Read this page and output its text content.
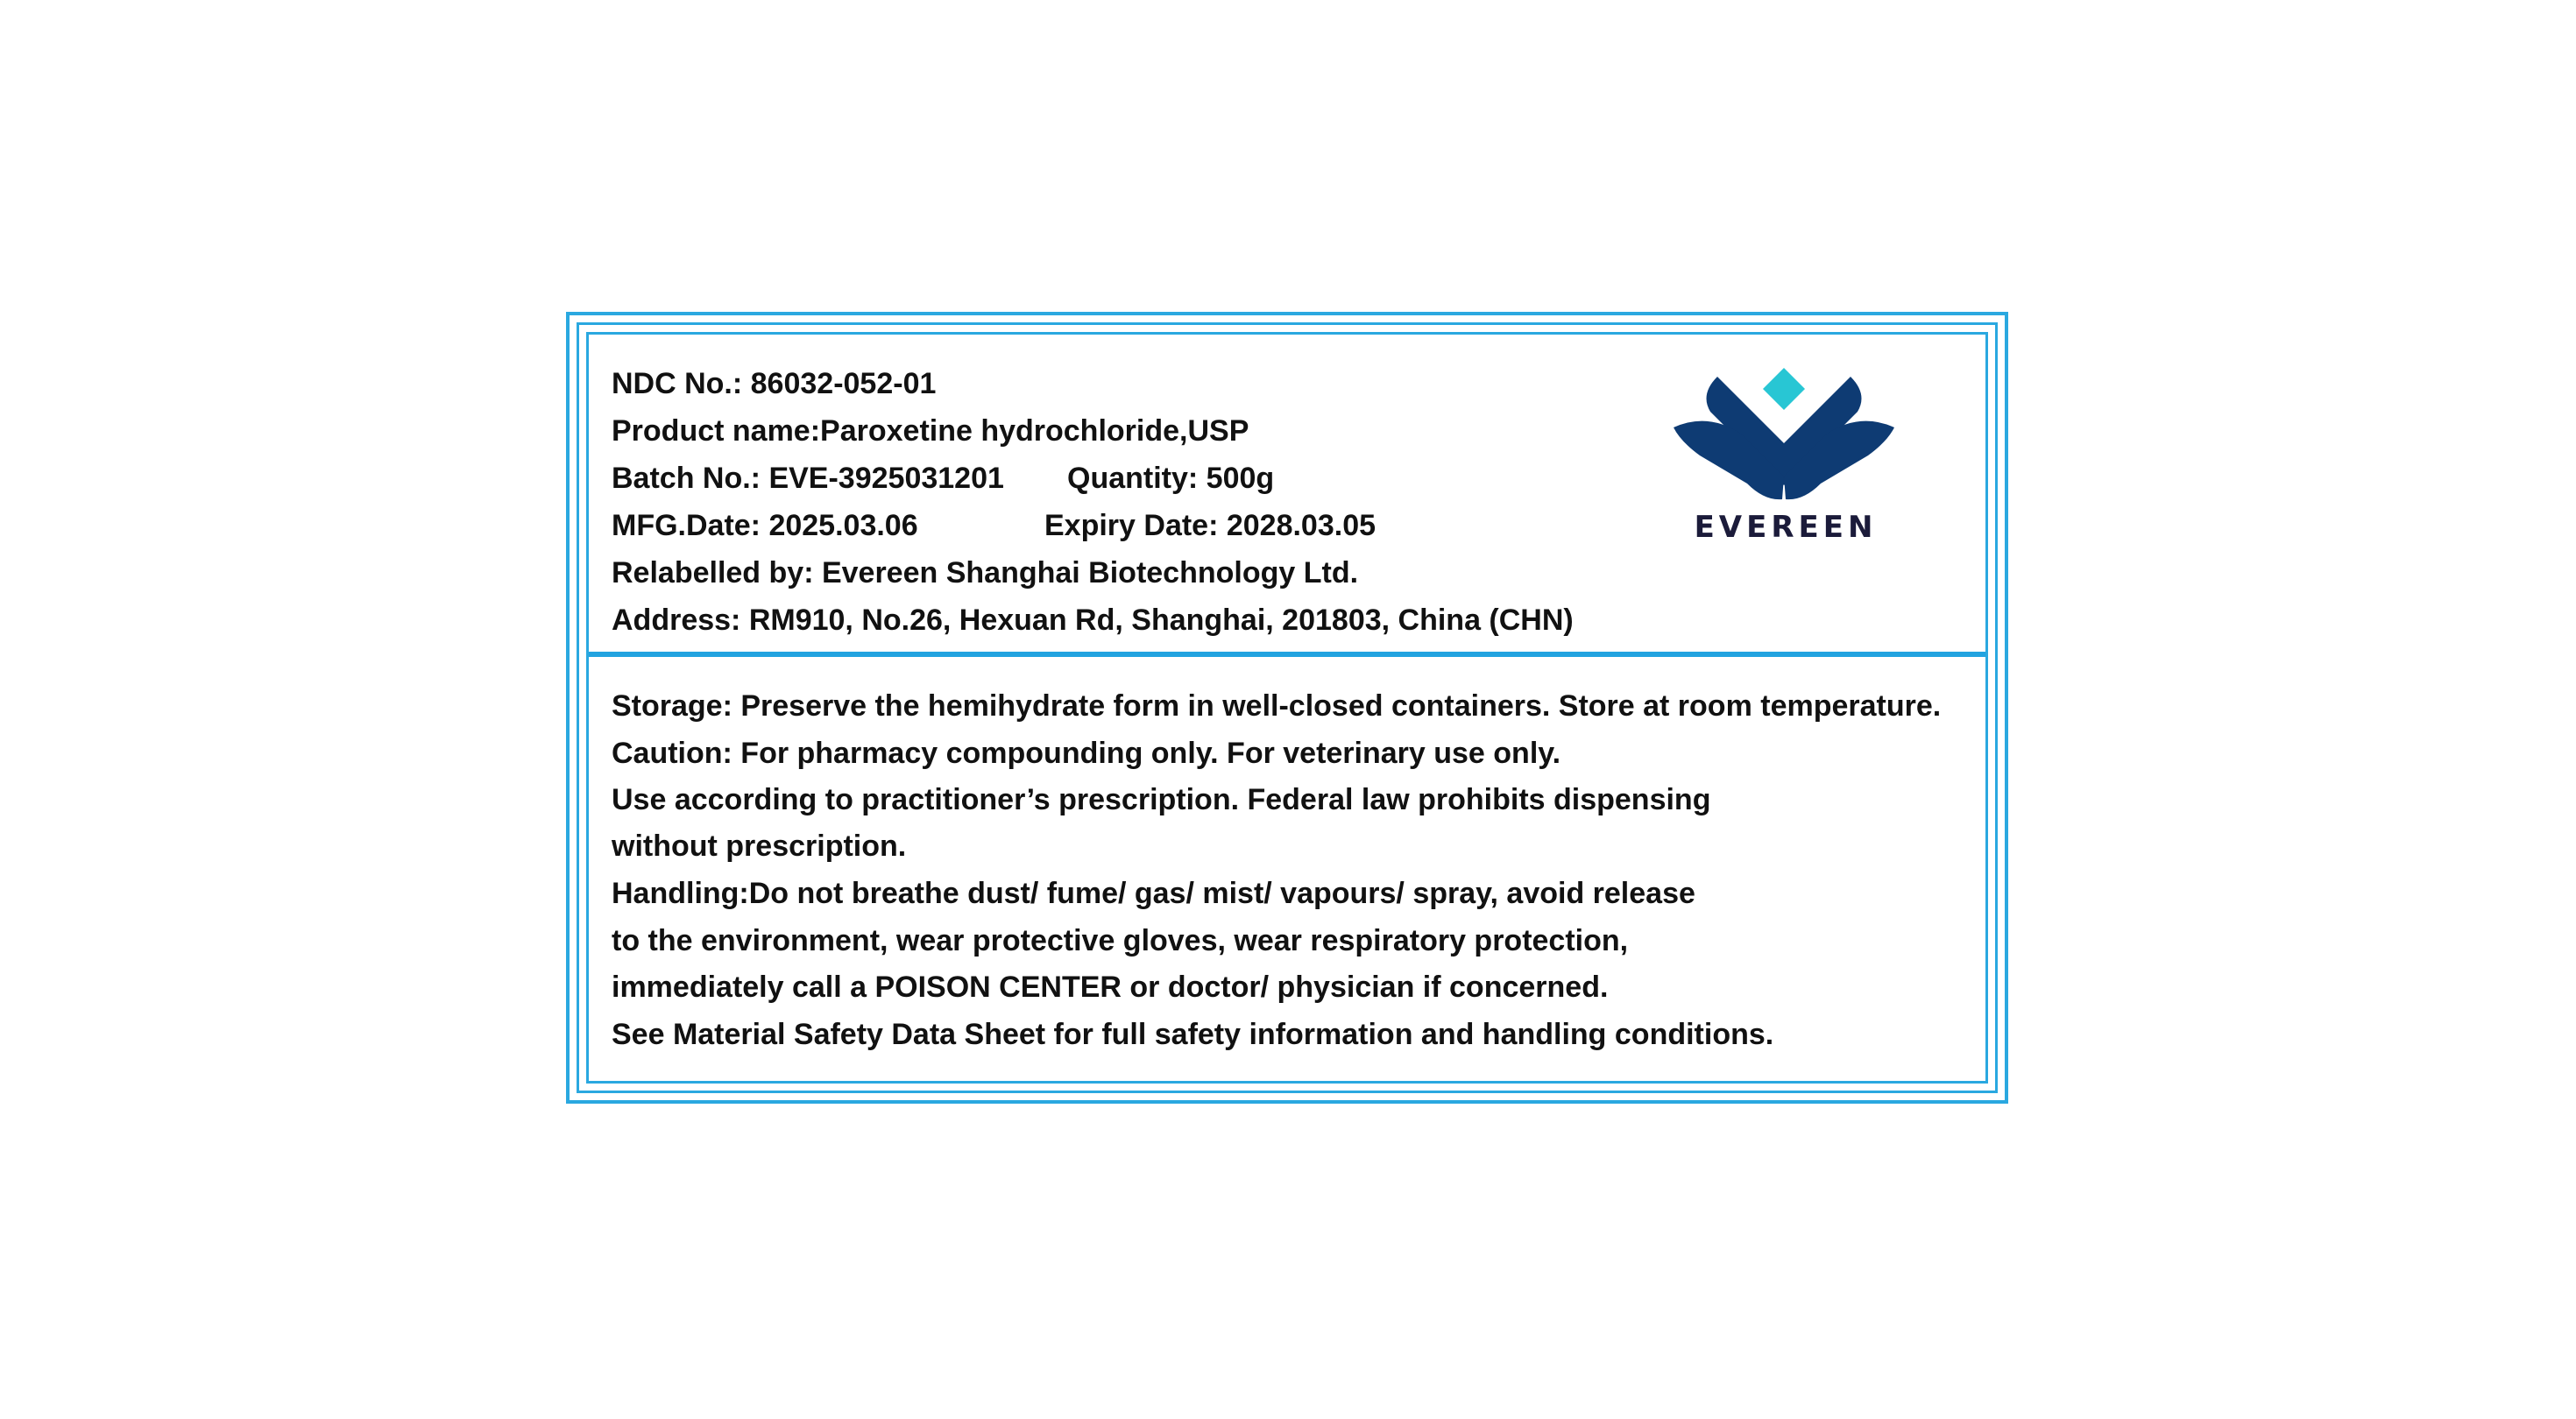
NDC No.: 86032-052-01

Product name:Paroxetine hydrochloride,USP

Batch No.: EVE-3925031201 Quantity: 500g

MFG.Date: 2025.03.06	Expiry Date: 2028.03.05

Relabelled by: Evereen Shanghai Biotechnology Ltd.

Address: RM910, No.26, Hexuan Rd, Shanghai, 201803, China (CHN)

EVEREEN

Storage: Preserve the hemihydrate form in well-closed containers. Store at room temperature.

Caution: For pharmacy compounding only. For veterinary use only.

Use according to practitioner’s prescription. Federal law prohibits dispensing

without prescription.

Handling:Do not breathe dust/ fume/ gas/ mist/ vapours/ spray, avoid release

to the environment, wear protective gloves, wear respiratory protection,

immediately call a POISON CENTER or doctor/ physician if concerned.

See Material Safety Data Sheet for full safety information and handling conditions.
